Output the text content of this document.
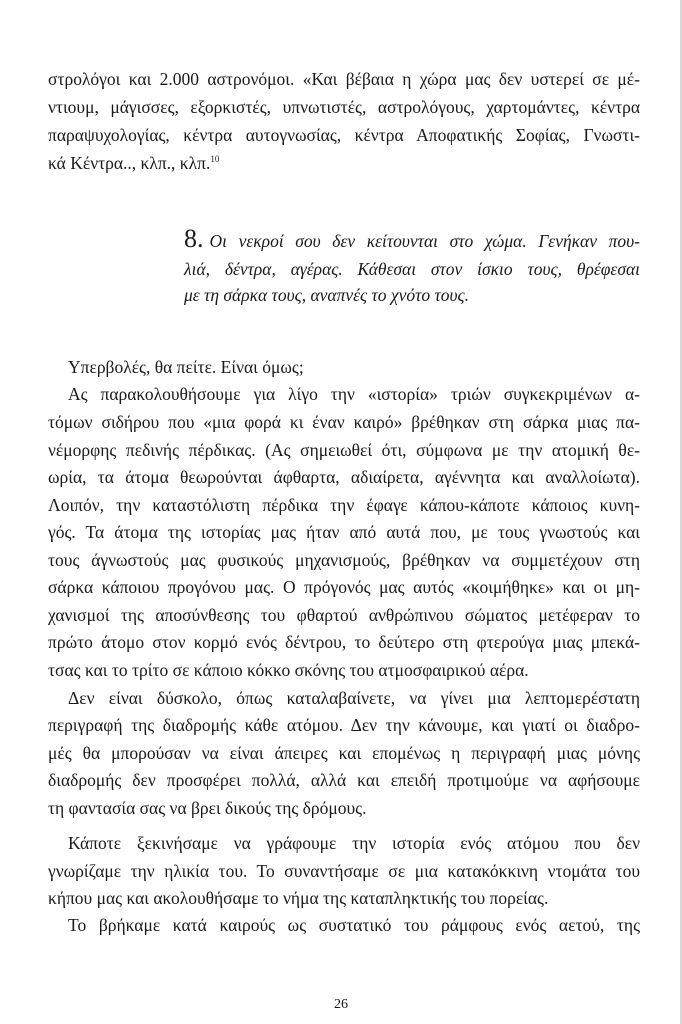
στρολόγοι και 2.000 αστρονόμοι. «Και βέβαια η χώρα μας δεν υστερεί σε μέ-
ντιουμ, μάγισσες, εξορκιστές, υπνωτιστές, αστρολόγους, χαρτομάντες, κέντρα
παραψυχολογίας, κέντρα αυτογνωσίας, κέντρα Αποφατικής Σοφίας, Γνωστι-
κά Κέντρα.., κλπ., κλπ.$^{10}$
8. Οι νεκροί σου δεν κείτουνται στο χώμα. Γενήκαν που-
λιά, δέντρα, αγέρας. Κάθεσαι στον ίσκιο τους, θρέφεσαι
με τη σάρκα τους, αναπνές το χνότο τους.
Υπερβολές, θα πείτε. Είναι όμως;
Ας παρακολουθήσουμε για λίγο την «ιστορία» τριών συγκεκριμένων α-
τόμων σιδήρου που «μια φορά κι έναν καιρό» βρέθηκαν στη σάρκα μιας πα-
νέμορφης πεδινής πέρδικας. (Ας σημειωθεί ότι, σύμφωνα με την ατομική θε-
ωρία, τα άτομα θεωρούνται άφθαρτα, αδιαίρετα, αγέννητα και αναλλοίωτα).
Λοιπόν, την καταστόλιστη πέρδικα την έφαγε κάπου-κάποτε κάποιος κυνη-
γός. Τα άτομα της ιστορίας μας ήταν από αυτά που, με τους γνωστούς και
τους άγνωστούς μας φυσικούς μηχανισμούς, βρέθηκαν να συμμετέχουν στη
σάρκα κάποιου προγόνου μας. Ο πρόγονός μας αυτός «κοιμήθηκε» και οι μη-
χανισμοί της αποσύνθεσης του φθαρτού ανθρώπινου σώματος μετέφεραν το
πρώτο άτομο στον κορμό ενός δέντρου, το δεύτερο στη φτερούγα μιας μπεκά-
τσας και το τρίτο σε κάποιο κόκκο σκόνης του ατμοσφαιρικού αέρα.
Δεν είναι δύσκολο, όπως καταλαβαίνετε, να γίνει μια λεπτομερέστατη
περιγραφή της διαδρομής κάθε ατόμου. Δεν την κάνουμε, και γιατί οι διαδρο-
μές θα μπορούσαν να είναι άπειρες και επομένως η περιγραφή μιας μόνης
διαδρομής δεν προσφέρει πολλά, αλλά και επειδή προτιμούμε να αφήσουμε
τη φαντασία σας να βρει δικούς της δρόμους.
Κάποτε ξεκινήσαμε να γράφουμε την ιστορία ενός ατόμου που δεν
γνωρίζαμε την ηλικία του. Το συναντήσαμε σε μια κατακόκκινη ντομάτα του
κήπου μας και ακολουθήσαμε το νήμα της καταπληκτικής του πορείας.
Το βρήκαμε κατά καιρούς ως συστατικό του ράμφους ενός αετού, της
26
